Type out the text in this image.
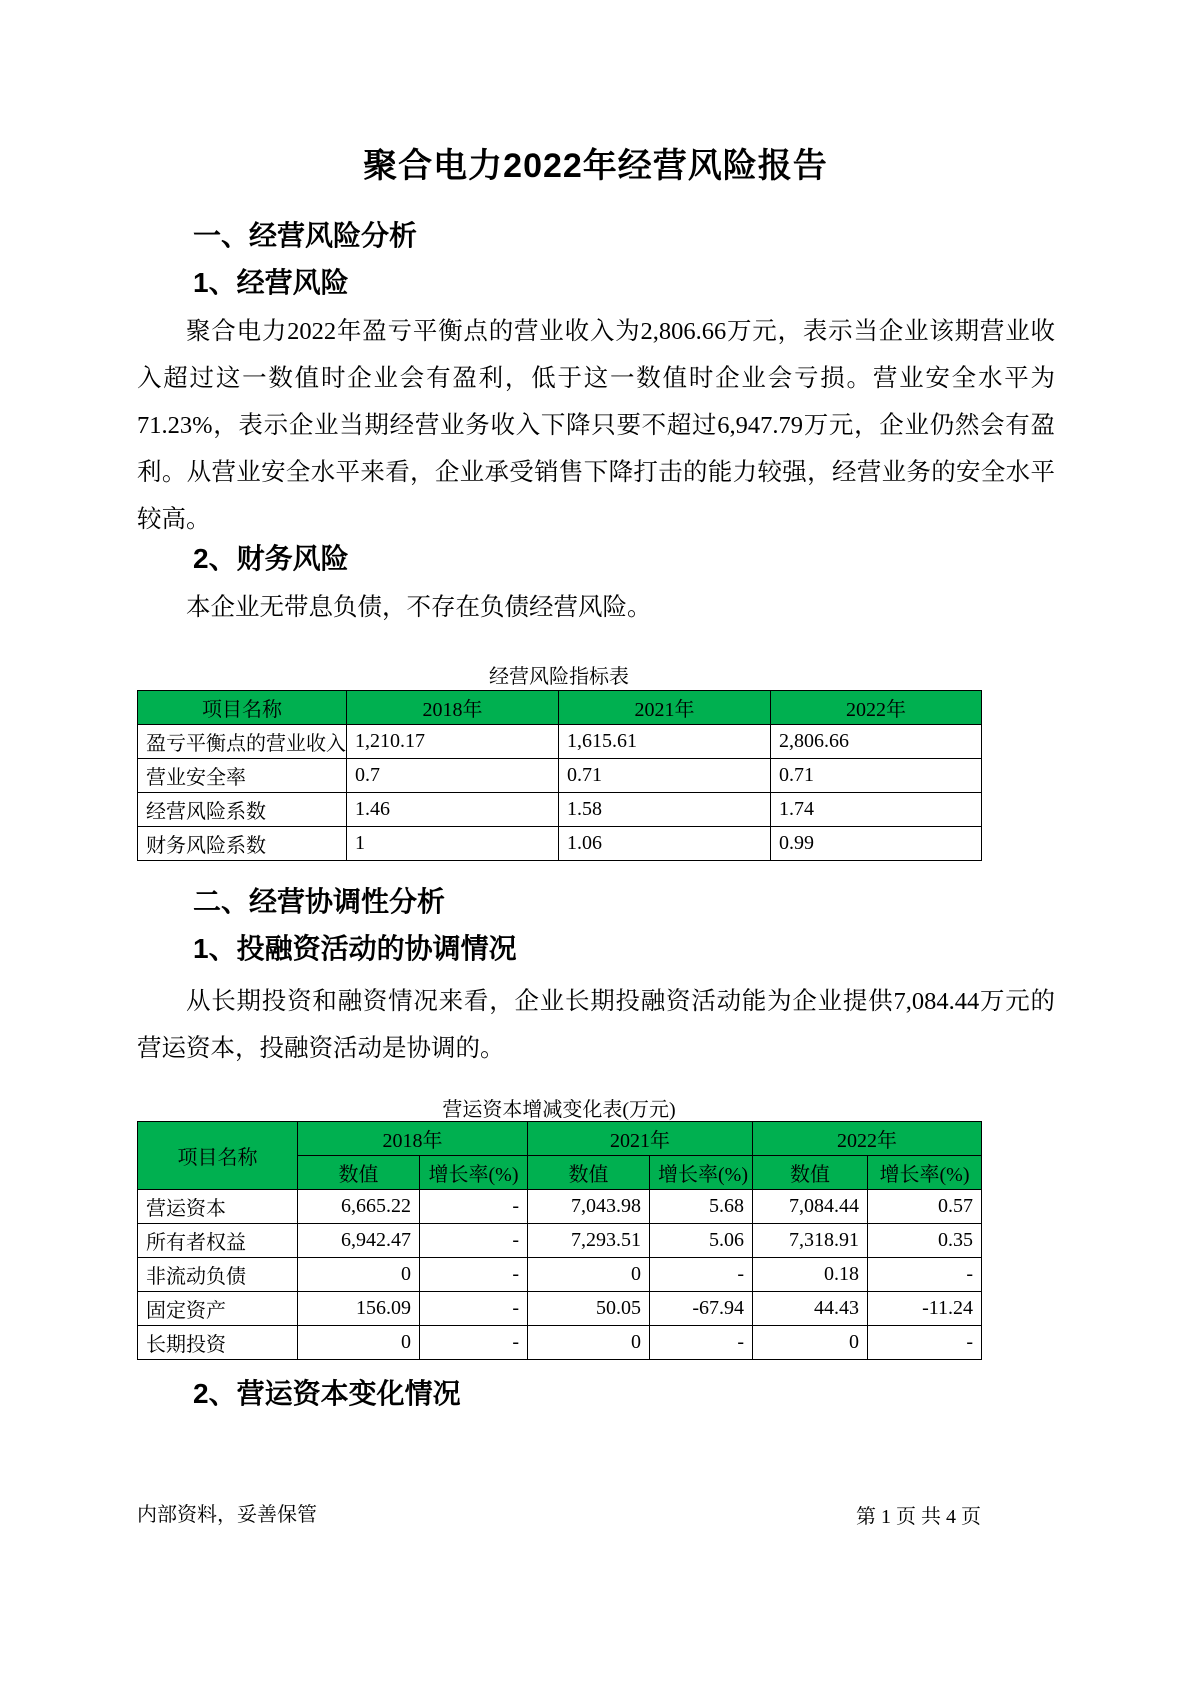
聚合电力2022年经营风险报告
一、经营风险分析
1、经营风险
聚合电力2022年盈亏平衡点的营业收入为2,806.66万元，表示当企业该期营业收入超过这一数值时企业会有盈利，低于这一数值时企业会亏损。营业安全水平为71.23%，表示企业当期经营业务收入下降只要不超过6,947.79万元，企业仍然会有盈利。从营业安全水平来看，企业承受销售下降打击的能力较强，经营业务的安全水平较高。
2、财务风险
本企业无带息负债，不存在负债经营风险。
经营风险指标表
项目名称	2018年	2021年	2022年
盈亏平衡点的营业收入	1,210.17	1,615.61	2,806.66
营业安全率	0.7	0.71	0.71
经营风险系数	1.46	1.58	1.74
财务风险系数	1	1.06	0.99
二、经营协调性分析
1、投融资活动的协调情况
从长期投资和融资情况来看，企业长期投融资活动能为企业提供7,084.44万元的营运资本，投融资活动是协调的。
营运资本增减变化表(万元)
项目名称	2018年		2021年		2022年	
	数值	增长率(%)	数值	增长率(%)	数值	增长率(%)
营运资本	6,665.22	-	7,043.98	5.68	7,084.44	0.57
所有者权益	6,942.47	-	7,293.51	5.06	7,318.91	0.35
非流动负债	0	-	0	-	0.18	-
固定资产	156.09	-	50.05	-67.94	44.43	-11.24
长期投资	0	-	0	-	0	-
2、营运资本变化情况
内部资料，妥善保管	第 1 页 共 4 页
